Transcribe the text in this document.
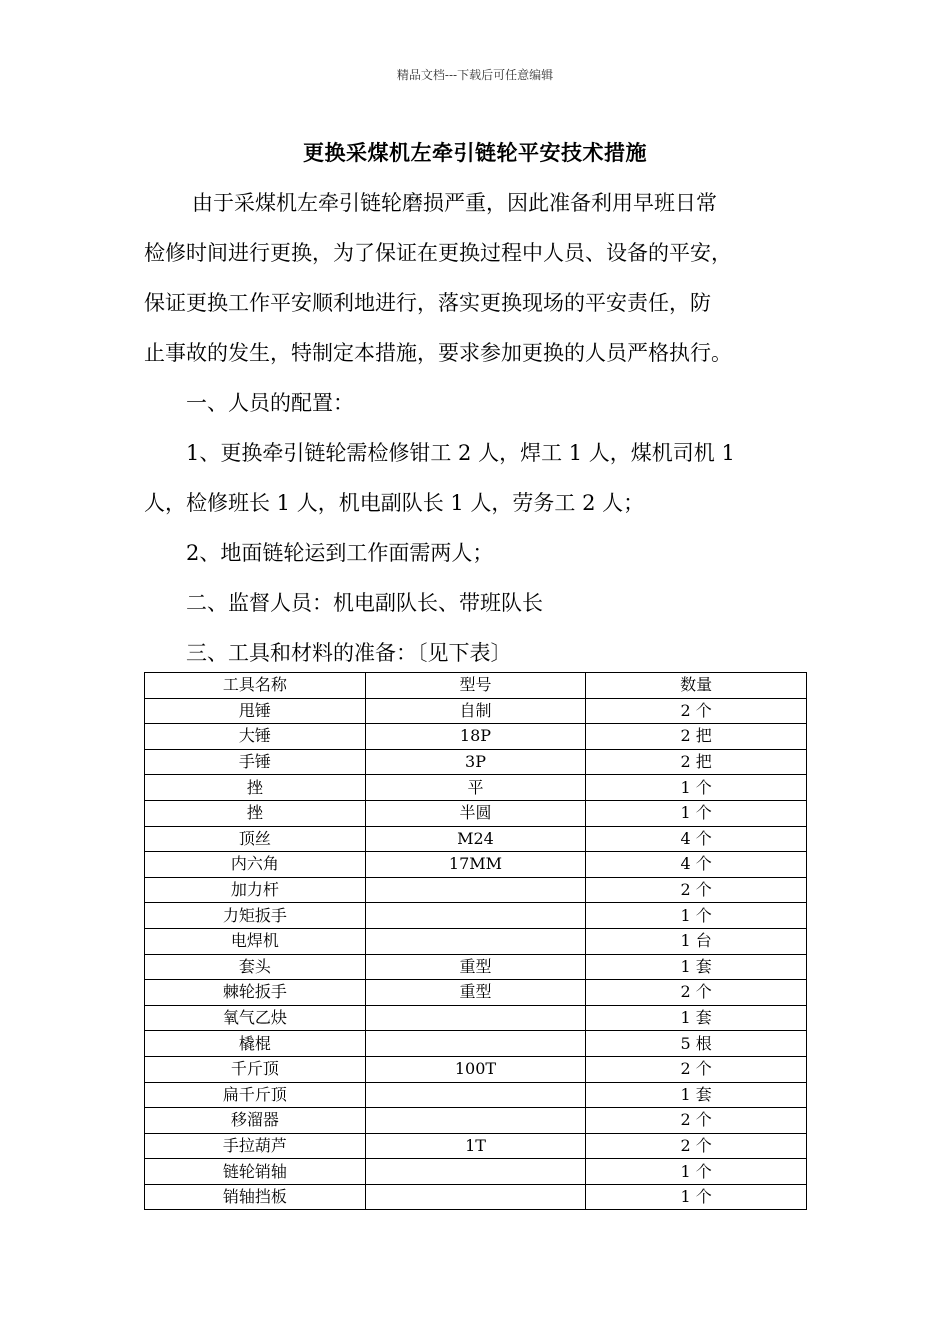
精品文档---下载后可任意编辑
更换采煤机左牵引链轮平安技术措施
由于采煤机左牵引链轮磨损严重，因此准备利用早班日常
检修时间进行更换，为了保证在更换过程中人员、设备的平安，
保证更换工作平安顺利地进行，落实更换现场的平安责任，防
止事故的发生，特制定本措施，要求参加更换的人员严格执行。
一、人员的配置：
1、更换牵引链轮需检修钳工 2 人，焊工 1 人，煤机司机 1
人，检修班长 1 人，机电副队长 1 人，劳务工 2 人；
2、地面链轮运到工作面需两人；
二、监督人员：机电副队长、带班队长
三、工具和材料的准备：〔见下表〕
工具名称	型号	数量
甩锤	自制	2 个
大锤	18P	2 把
手锤	3P	2 把
挫	平	1 个
挫	半圆	1 个
顶丝	M24	4 个
内六角	17MM	4 个
加力杆		2 个
力矩扳手		1 个
电焊机		1 台
套头	重型	1 套
棘轮扳手	重型	2 个
氧气乙炔		1 套
橇棍		5 根
千斤顶	100T	2 个
扁千斤顶		1 套
移溜器		2 个
手拉葫芦	1T	2 个
链轮销轴		1 个
销轴挡板		1 个
